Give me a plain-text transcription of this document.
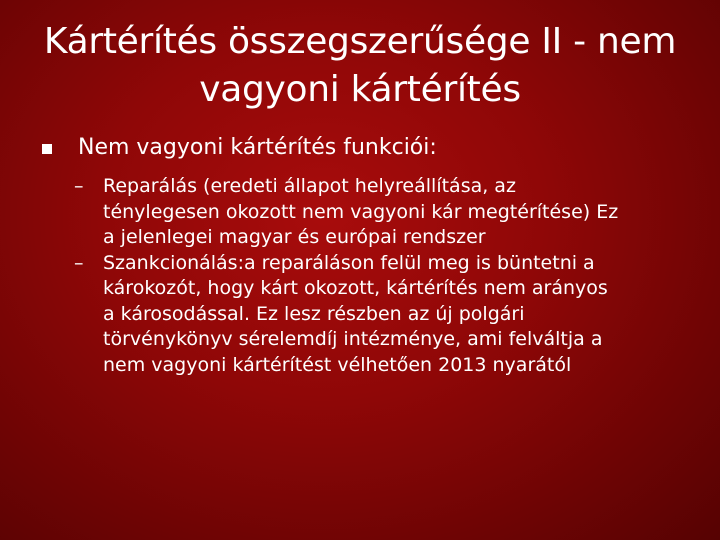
Kártérítés összegszerűsége II - nem
vagyoni kártérítés
Nem vagyoni kártérítés funkciói:
– Reparálás (eredeti állapot helyreállítása, az
ténylegesen okozott nem vagyoni kár megtérítése) Ez
a jelenlegei magyar és európai rendszer
– Szankcionálás:a reparáláson felül meg is büntetni a
károkozót, hogy kárt okozott, kártérítés nem arányos
a károsodással. Ez lesz részben az új polgári
törvénykönyv sérelemdíj intézménye, ami felváltja a
nem vagyoni kártérítést vélhetően 2013 nyarától
